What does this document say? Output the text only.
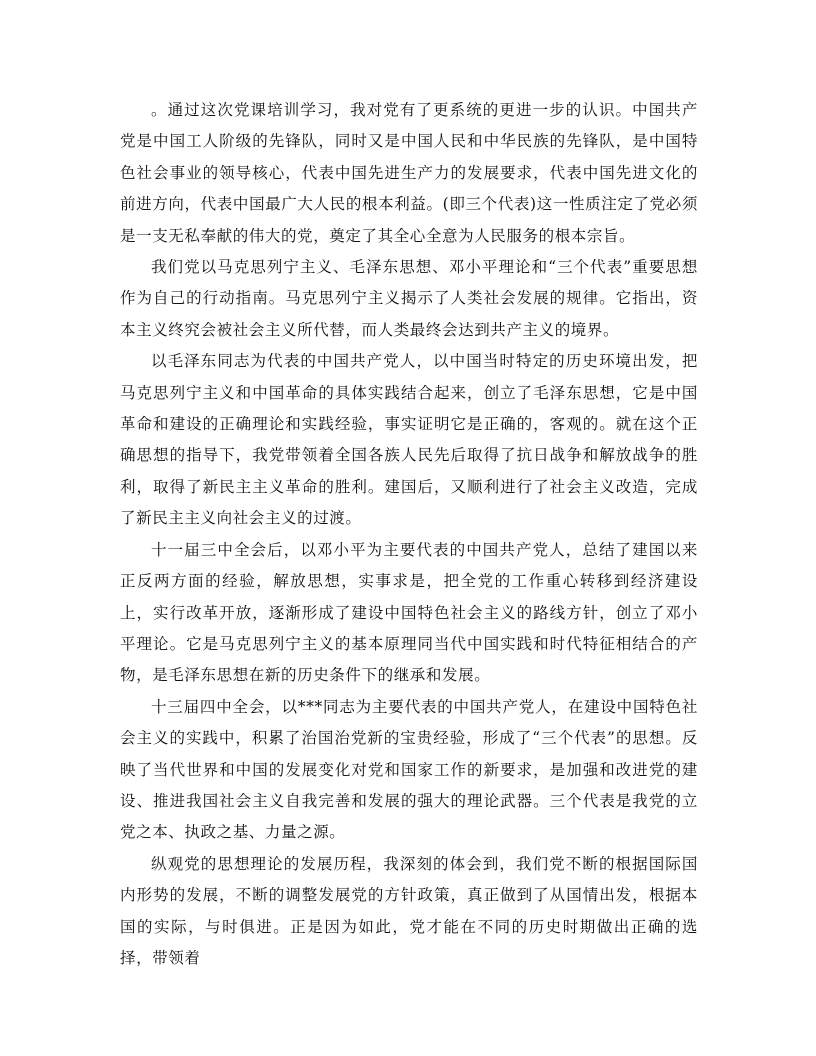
。通过这次党课培训学习，我对党有了更系统的更进一步的认识。中国共产党是中国工人阶级的先锋队，同时又是中国人民和中华民族的先锋队，是中国特色社会事业的领导核心，代表中国先进生产力的发展要求，代表中国先进文化的前进方向，代表中国最广大人民的根本利益。(即三个代表)这一性质注定了党必须是一支无私奉献的伟大的党，奠定了其全心全意为人民服务的根本宗旨。

我们党以马克思列宁主义、毛泽东思想、邓小平理论和“三个代表”重要思想作为自己的行动指南。马克思列宁主义揭示了人类社会发展的规律。它指出，资本主义终究会被社会主义所代替，而人类最终会达到共产主义的境界。

以毛泽东同志为代表的中国共产党人，以中国当时特定的历史环境出发，把马克思列宁主义和中国革命的具体实践结合起来，创立了毛泽东思想，它是中国革命和建设的正确理论和实践经验，事实证明它是正确的，客观的。就在这个正确思想的指导下，我党带领着全国各族人民先后取得了抗日战争和解放战争的胜利，取得了新民主主义革命的胜利。建国后，又顺利进行了社会主义改造，完成了新民主主义向社会主义的过渡。

十一届三中全会后，以邓小平为主要代表的中国共产党人，总结了建国以来正反两方面的经验，解放思想，实事求是，把全党的工作重心转移到经济建设上，实行改革开放，逐渐形成了建设中国特色社会主义的路线方针，创立了邓小平理论。它是马克思列宁主义的基本原理同当代中国实践和时代特征相结合的产物，是毛泽东思想在新的历史条件下的继承和发展。

十三届四中全会，以***同志为主要代表的中国共产党人，在建设中国特色社会主义的实践中，积累了治国治党新的宝贵经验，形成了“三个代表”的思想。反映了当代世界和中国的发展变化对党和国家工作的新要求，是加强和改进党的建设、推进我国社会主义自我完善和发展的强大的理论武器。三个代表是我党的立党之本、执政之基、力量之源。

纵观党的思想理论的发展历程，我深刻的体会到，我们党不断的根据国际国内形势的发展，不断的调整发展党的方针政策，真正做到了从国情出发，根据本国的实际，与时俱进。正是因为如此，党才能在不同的历史时期做出正确的选择，带领着
